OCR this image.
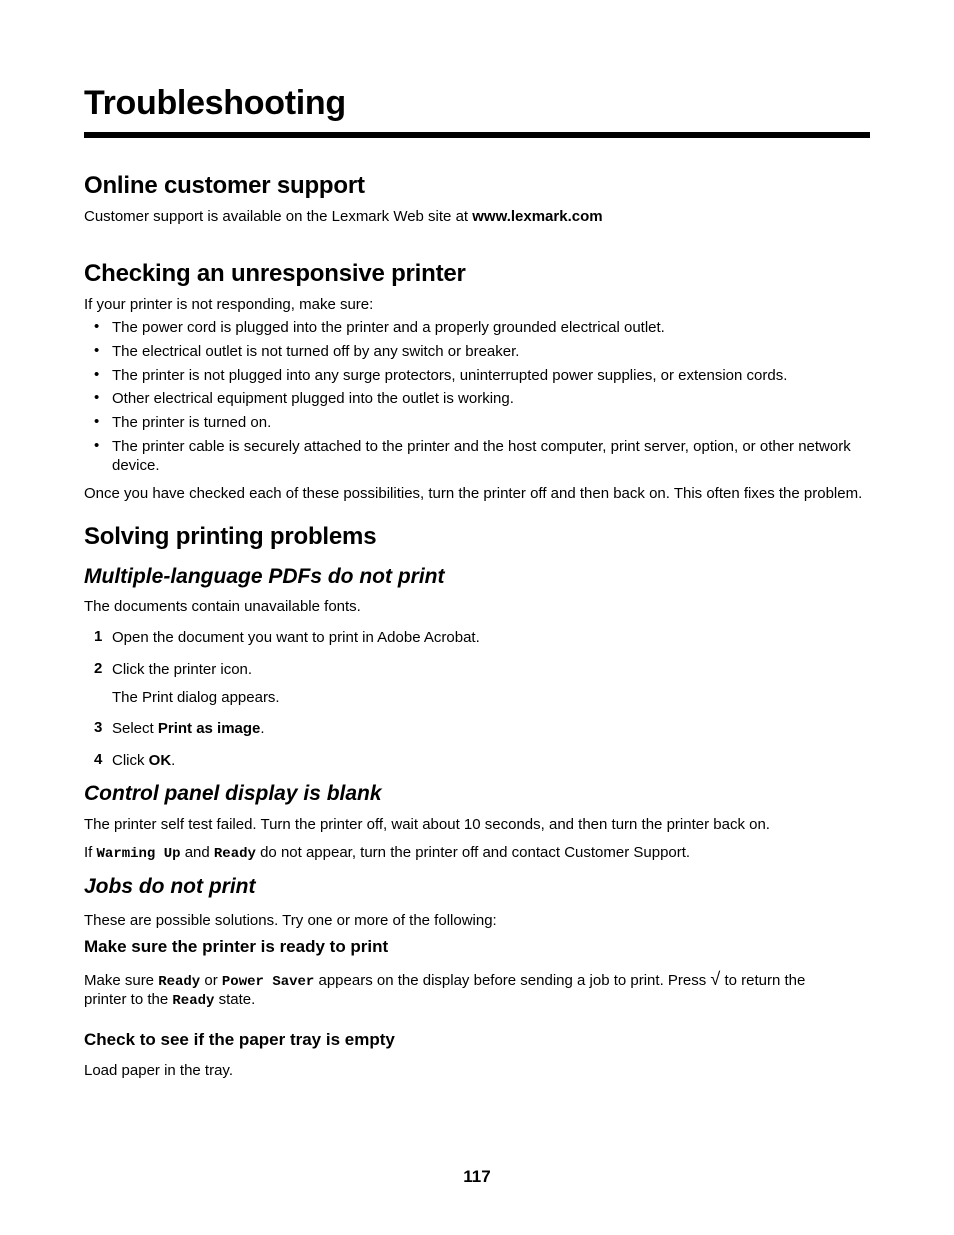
Troubleshooting
Online customer support
Customer support is available on the Lexmark Web site at www.lexmark.com
Checking an unresponsive printer
If your printer is not responding, make sure:
• The power cord is plugged into the printer and a properly grounded electrical outlet.
• The electrical outlet is not turned off by any switch or breaker.
• The printer is not plugged into any surge protectors, uninterrupted power supplies, or extension cords.
• Other electrical equipment plugged into the outlet is working.
• The printer is turned on.
• The printer cable is securely attached to the printer and the host computer, print server, option, or other network device.
Once you have checked each of these possibilities, turn the printer off and then back on. This often fixes the problem.
Solving printing problems
Multiple-language PDFs do not print
The documents contain unavailable fonts.
1 Open the document you want to print in Adobe Acrobat.
2 Click the printer icon.
The Print dialog appears.
3 Select Print as image.
4 Click OK.
Control panel display is blank
The printer self test failed. Turn the printer off, wait about 10 seconds, and then turn the printer back on.
If Warming Up and Ready do not appear, turn the printer off and contact Customer Support.
Jobs do not print
These are possible solutions. Try one or more of the following:
Make sure the printer is ready to print
Make sure Ready or Power Saver appears on the display before sending a job to print. Press √ to return the
printer to the Ready state.
Check to see if the paper tray is empty
Load paper in the tray.
117
